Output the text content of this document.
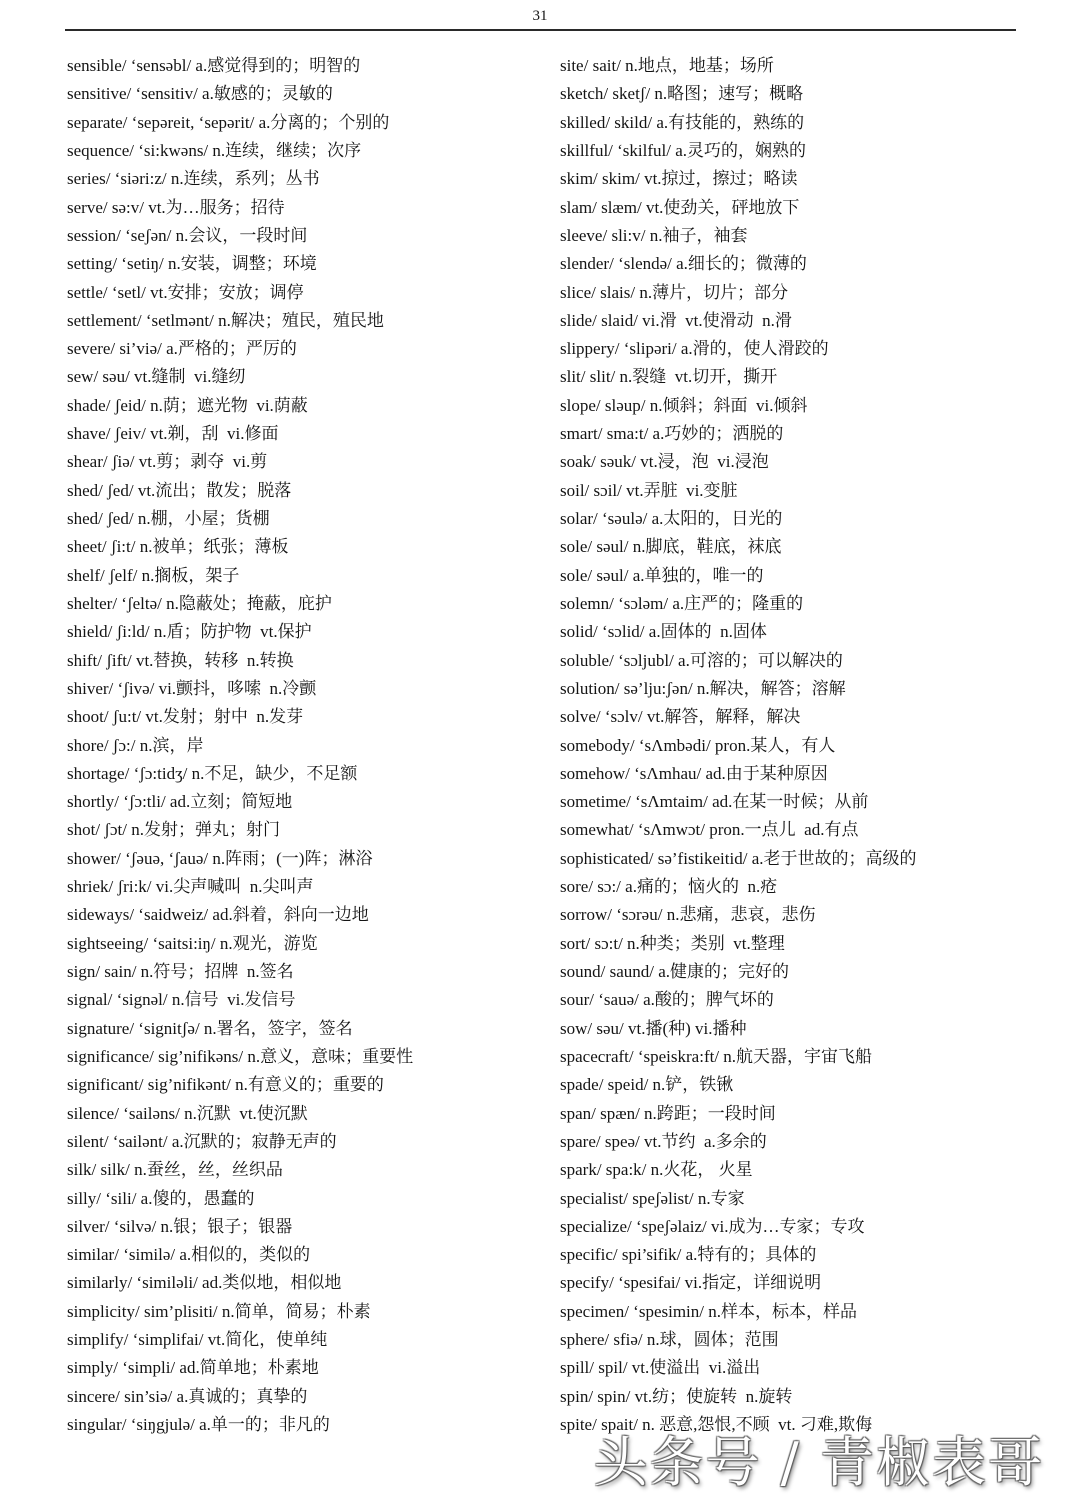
31
sensible/ ‘sensəbl/ a.感觉得到的；明智的
sensitive/ ‘sensitiv/ a.敏感的；灵敏的
separate/ ‘sepəreit, ‘sepərit/ a.分离的；个别的
sequence/ ‘si:kwəns/ n.连续，继续；次序
series/ ‘siəri:z/ n.连续，系列；丛书
serve/ sə:v/ vt.为…服务；招待
session/ ‘seʃən/ n.会议，一段时间
setting/ ‘setiŋ/ n.安装，调整；环境
settle/ ‘setl/ vt.安排；安放；调停
settlement/ ‘setlmənt/ n.解决；殖民，殖民地
severe/ si’viə/ a.严格的；严厉的
sew/ səu/ vt.缝制  vi.缝纫
shade/ ʃeid/ n.荫；遮光物  vi.荫蔽
shave/ ʃeiv/ vt.剃，刮  vi.修面
shear/ ʃiə/ vt.剪；剥夺  vi.剪
shed/ ʃed/ vt.流出；散发；脱落
shed/ ʃed/ n.棚，小屋；货棚
sheet/ ʃi:t/ n.被单；纸张；薄板
shelf/ ʃelf/ n.搁板，架子
shelter/ ‘ʃeltə/ n.隐蔽处；掩蔽，庇护
shield/ ʃi:ld/ n.盾；防护物  vt.保护
shift/ ʃift/ vt.替换，转移  n.转换
shiver/ ‘ʃivə/ vi.颤抖，哆嗦  n.冷颤
shoot/ ʃu:t/ vt.发射；射中  n.发芽
shore/ ʃɔ:/ n.滨，岸
shortage/ ‘ʃɔ:tidʒ/ n.不足，缺少，不足额
shortly/ ‘ʃɔ:tli/ ad.立刻；简短地
shot/ ʃɔt/ n.发射；弹丸；射门
shower/ ‘ʃəuə, ‘ʃauə/ n.阵雨；(一)阵；淋浴
shriek/ ʃri:k/ vi.尖声喊叫  n.尖叫声
sideways/ ‘saidweiz/ ad.斜着，斜向一边地
sightseeing/ ‘saitsi:iŋ/ n.观光，游览
sign/ sain/ n.符号；招牌  n.签名
signal/ ‘signəl/ n.信号  vi.发信号
signature/ ‘signitʃə/ n.署名，签字，签名
significance/ sig’nifikəns/ n.意义，意味；重要性
significant/ sig’nifikənt/ n.有意义的；重要的
silence/ ‘sailəns/ n.沉默  vt.使沉默
silent/ ‘sailənt/ a.沉默的；寂静无声的
silk/ silk/ n.蚕丝，丝，丝织品
silly/ ‘sili/ a.傻的，愚蠢的
silver/ ‘silvə/ n.银；银子；银器
similar/ ‘similə/ a.相似的，类似的
similarly/ ‘similəli/ ad.类似地，相似地
simplicity/ sim’plisiti/ n.简单，简易；朴素
simplify/ ‘simplifai/ vt.简化，使单纯
simply/ ‘simpli/ ad.简单地；朴素地
sincere/ sin’siə/ a.真诚的；真挚的
singular/ ‘siŋgjulə/ a.单一的；非凡的
site/ sait/ n.地点，地基；场所
sketch/ sketʃ/ n.略图；速写；概略
skilled/ skild/ a.有技能的，熟练的
skillful/ ‘skilful/ a.灵巧的，娴熟的
skim/ skim/ vt.掠过，擦过；略读
slam/ slæm/ vt.使劲关，砰地放下
sleeve/ sli:v/ n.袖子，袖套
slender/ ‘slendə/ a.细长的；微薄的
slice/ slais/ n.薄片，切片；部分
slide/ slaid/ vi.滑  vt.使滑动  n.滑
slippery/ ‘slipəri/ a.滑的，使人滑跤的
slit/ slit/ n.裂缝  vt.切开，撕开
slope/ sləup/ n.倾斜；斜面  vi.倾斜
smart/ sma:t/ a.巧妙的；洒脱的
soak/ səuk/ vt.浸，泡  vi.浸泡
soil/ sɔil/ vt.弄脏  vi.变脏
solar/ ‘səulə/ a.太阳的，日光的
sole/ səul/ n.脚底，鞋底，袜底
sole/ səul/ a.单独的，唯一的
solemn/ ‘sɔləm/ a.庄严的；隆重的
solid/ ‘sɔlid/ a.固体的  n.固体
soluble/ ‘sɔljubl/ a.可溶的；可以解决的
solution/ sə’lju:ʃən/ n.解决，解答；溶解
solve/ ‘sɔlv/ vt.解答，解释，解决
somebody/ ‘sΛmbədi/ pron.某人，有人
somehow/ ‘sΛmhau/ ad.由于某种原因
sometime/ ‘sΛmtaim/ ad.在某一时候；从前
somewhat/ ‘sΛmwɔt/ pron.一点儿  ad.有点
sophisticated/ sə’fistikeitid/ a.老于世故的；高级的
sore/ sɔ:/ a.痛的；恼火的  n.疮
sorrow/ ‘sɔrəu/ n.悲痛，悲哀，悲伤
sort/ sɔ:t/ n.种类；类别  vt.整理
sound/ saund/ a.健康的；完好的
sour/ ‘sauə/ a.酸的；脾气坏的
sow/ səu/ vt.播(种) vi.播种
spacecraft/ ‘speiskra:ft/ n.航天器，宇宙飞船
spade/ speid/ n.铲，铁锹
span/ spæn/ n.跨距；一段时间
spare/ speə/ vt.节约  a.多余的
spark/ spa:k/ n.火花， 火星
specialist/ speʃəlist/ n.专家
specialize/ ‘speʃəlaiz/ vi.成为…专家；专攻
specific/ spi’sifik/ a.特有的；具体的
specify/ ‘spesifai/ vi.指定，详细说明
specimen/ ‘spesimin/ n.样本，标本，样品
sphere/ sfiə/ n.球，圆体；范围
spill/ spil/ vt.使溢出  vi.溢出
spin/ spin/ vt.纺；使旋转  n.旋转
spite/ spait/ n. 恶意,怨恨,不顾  vt. 刁难,欺侮
头条号 / 青椒表哥
